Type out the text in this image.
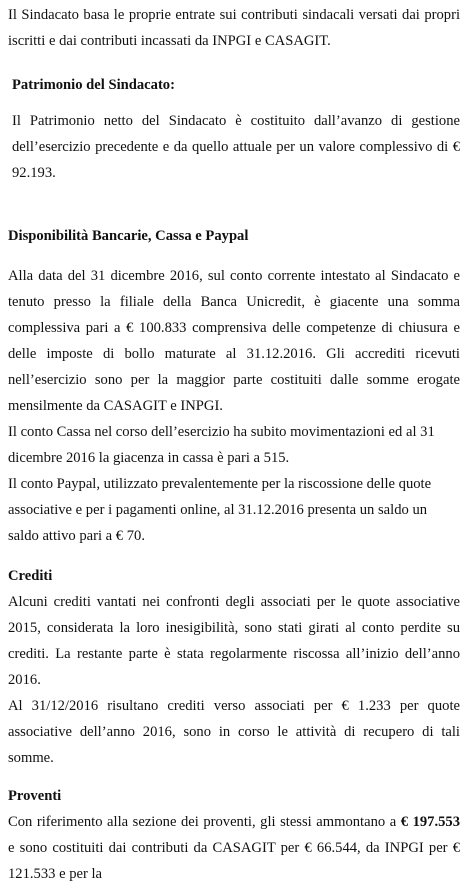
Il Sindacato basa le proprie entrate sui contributi sindacali versati dai propri iscritti e dai contributi incassati da INPGI e CASAGIT.

Patrimonio del Sindacato:

Il Patrimonio netto del Sindacato è costituito dall’avanzo di gestione dell’esercizio precedente e da quello attuale per un valore complessivo di € 92.193.

Disponibilità Bancarie, Cassa e Paypal

Alla data del 31 dicembre 2016, sul conto corrente intestato al Sindacato e tenuto presso la filiale della Banca Unicredit, è giacente una somma complessiva pari a € 100.833 comprensiva delle competenze di chiusura e delle imposte di bollo maturate al 31.12.2016. Gli accrediti ricevuti nell’esercizio sono per la maggior parte costituiti dalle somme erogate mensilmente da CASAGIT e INPGI.

Il conto Cassa nel corso dell’esercizio ha subito movimentazioni ed al 31 dicembre 2016 la giacenza in cassa è pari a 515.

Il conto Paypal, utilizzato prevalentemente per la riscossione delle quote associative e per i pagamenti online, al 31.12.2016 presenta un saldo un saldo attivo pari a € 70.

Crediti

Alcuni crediti vantati nei confronti degli associati per le quote associative 2015, considerata la loro inesigibilità, sono stati girati al conto perdite su crediti. La restante parte è stata regolarmente riscossa all’inizio dell’anno 2016.

Al 31/12/2016 risultano crediti verso associati per € 1.233 per quote associative dell’anno 2016, sono in corso le attività di recupero di tali somme.

Proventi

Con riferimento alla sezione dei proventi, gli stessi ammontano a € 197.553 e sono costituiti dai contributi da CASAGIT per € 66.544, da INPGI per € 121.533 e per la
